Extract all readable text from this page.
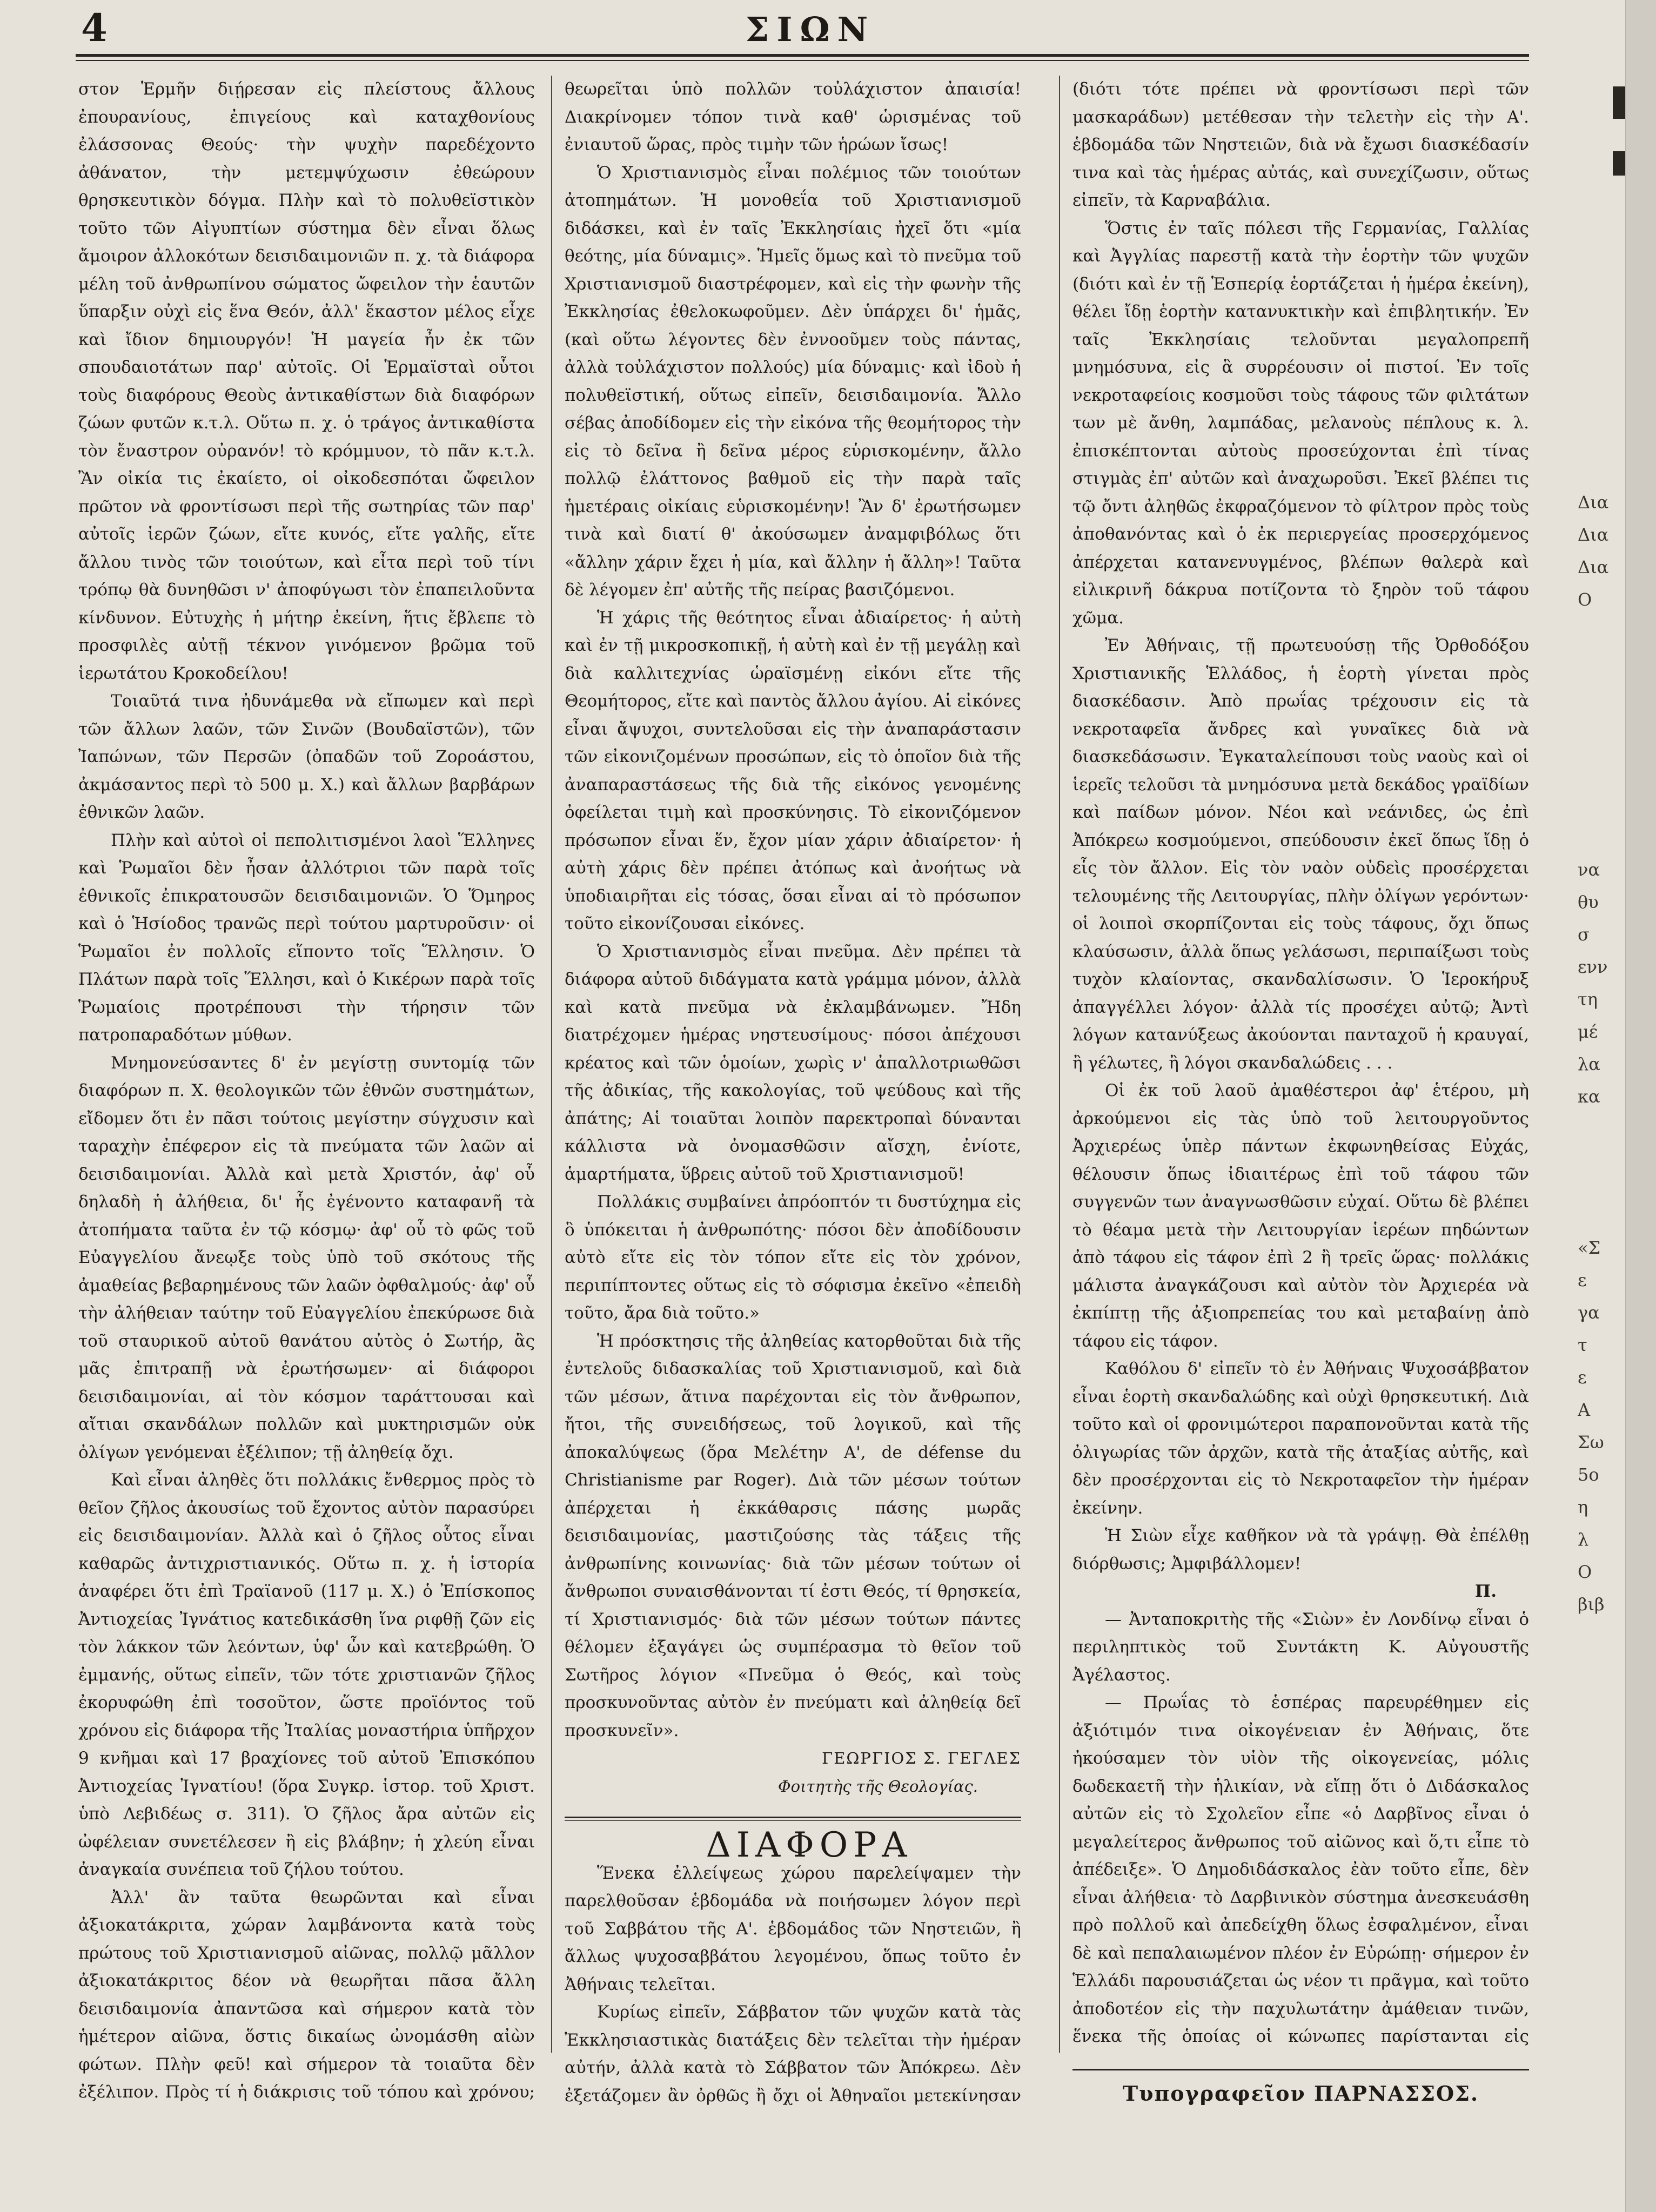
4	ΣΙΩΝ

στον Ἑρμῆν διῄρεσαν εἰς πλείστους ἄλλους ἐπουρανίους, ἐπιγείους καὶ καταχθονίους ἐλάσσονας Θεούς· τὴν ψυχὴν παρεδέχοντο ἀθάνατον, τὴν μετεμψύχωσιν ἐθεώρουν θρησκευτικὸν δόγμα. Πλὴν καὶ τὸ πολυθεϊστικὸν τοῦτο τῶν Αἰγυπτίων σύστημα δὲν εἶναι ὅλως ἄμοιρον ἀλλοκότων δεισιδαιμονιῶν π. χ. τὰ διάφορα μέλη τοῦ ἀνθρωπίνου σώματος ὤφειλον τὴν ἑαυτῶν ὕπαρξιν οὐχὶ εἰς ἕνα Θεόν, ἀλλ' ἕκαστον μέλος εἶχε καὶ ἴδιον δημιουργόν! Ἡ μαγεία ἦν ἐκ τῶν σπουδαιοτάτων παρ' αὐτοῖς. Οἱ Ἑρμαϊσταὶ οὗτοι τοὺς διαφόρους Θεοὺς ἀντικαθίστων διὰ διαφόρων ζώων φυτῶν κ.τ.λ. Οὕτω π. χ. ὁ τράγος ἀντικαθίστα τὸν ἔναστρον οὐρανόν! τὸ κρόμμυον, τὸ πᾶν κ.τ.λ. Ἂν οἰκία τις ἐκαίετο, οἱ οἰκοδεσπόται ὤφειλον πρῶτον νὰ φροντίσωσι περὶ τῆς σωτηρίας τῶν παρ' αὐτοῖς ἱερῶν ζώων, εἴτε κυνός, εἴτε γαλῆς, εἴτε ἄλλου τινὸς τῶν τοιούτων, καὶ εἶτα περὶ τοῦ τίνι τρόπῳ θὰ δυνηθῶσι ν' ἀποφύγωσι τὸν ἐπαπειλοῦντα κίνδυνον. Εὐτυχὴς ἡ μήτηρ ἐκείνη, ἥτις ἔβλεπε τὸ προσφιλὲς αὐτῇ τέκνον γινόμενον βρῶμα τοῦ ἱερωτάτου Κροκοδείλου!

Τοιαῦτά τινα ἠδυνάμεθα νὰ εἴπωμεν καὶ περὶ τῶν ἄλλων λαῶν, τῶν Σινῶν (Βουδαϊστῶν), τῶν Ἰαπώνων, τῶν Περσῶν (ὀπαδῶν τοῦ Ζοροάστου, ἀκμάσαντος περὶ τὸ 500 μ. Χ.) καὶ ἄλλων βαρβάρων ἐθνικῶν λαῶν.

Πλὴν καὶ αὐτοὶ οἱ πεπολιτισμένοι λαοὶ Ἕλληνες καὶ Ῥωμαῖοι δὲν ἦσαν ἀλλότριοι τῶν παρὰ τοῖς ἐθνικοῖς ἐπικρατουσῶν δεισιδαιμονιῶν. Ὁ Ὅμηρος καὶ ὁ Ἡσίοδος τρανῶς περὶ τούτου μαρτυροῦσιν· οἱ Ῥωμαῖοι ἐν πολλοῖς εἵποντο τοῖς Ἕλλησιν. Ὁ Πλάτων παρὰ τοῖς Ἕλλησι, καὶ ὁ Κικέρων παρὰ τοῖς Ῥωμαίοις προτρέπουσι τὴν τήρησιν τῶν πατροπαραδότων μύθων.

Μνημονεύσαντες δ' ἐν μεγίστῃ συντομίᾳ τῶν διαφόρων π. Χ. θεολογικῶν τῶν ἐθνῶν συστημάτων, εἴδομεν ὅτι ἐν πᾶσι τούτοις μεγίστην σύγχυσιν καὶ ταραχὴν ἐπέφερον εἰς τὰ πνεύματα τῶν λαῶν αἱ δεισιδαιμονίαι. Ἀλλὰ καὶ μετὰ Χριστόν, ἀφ' οὗ δηλαδὴ ἡ ἀλήθεια, δι' ἧς ἐγένοντο καταφανῆ τὰ ἀτοπήματα ταῦτα ἐν τῷ κόσμῳ· ἀφ' οὗ τὸ φῶς τοῦ Εὐαγγελίου ἄνεῳξε τοὺς ὑπὸ τοῦ σκότους τῆς ἀμαθείας βεβαρημένους τῶν λαῶν ὀφθαλμούς· ἀφ' οὗ τὴν ἀλήθειαν ταύτην τοῦ Εὐαγγελίου ἐπεκύρωσε διὰ τοῦ σταυρικοῦ αὐτοῦ θανάτου αὐτὸς ὁ Σωτήρ, ἂς μᾶς ἐπιτραπῇ νὰ ἐρωτήσωμεν· αἱ διάφοροι δεισιδαιμονίαι, αἱ τὸν κόσμον ταράττουσαι καὶ αἴτιαι σκανδάλων πολλῶν καὶ μυκτηρισμῶν οὐκ ὀλίγων γενόμεναι ἐξέλιπον; τῇ ἀληθείᾳ ὄχι.

Καὶ εἶναι ἀληθὲς ὅτι πολλάκις ἔνθερμος πρὸς τὸ θεῖον ζῆλος ἀκουσίως τοῦ ἔχοντος αὐτὸν παρασύρει εἰς δεισιδαιμονίαν. Ἀλλὰ καὶ ὁ ζῆλος οὗτος εἶναι καθαρῶς ἀντιχριστιανικός. Οὕτω π. χ. ἡ ἱστορία ἀναφέρει ὅτι ἐπὶ Τραϊανοῦ (117 μ. Χ.) ὁ Ἐπίσκοπος Ἀντιοχείας Ἰγνάτιος κατεδικάσθη ἵνα ριφθῇ ζῶν εἰς τὸν λάκκον τῶν λεόντων, ὑφ' ὧν καὶ κατεβρώθη. Ὁ ἐμμανής, οὕτως εἰπεῖν, τῶν τότε χριστιανῶν ζῆλος ἐκορυφώθη ἐπὶ τοσοῦτον, ὥστε προϊόντος τοῦ χρόνου εἰς διάφορα τῆς Ἰταλίας μοναστήρια ὑπῆρχον 9 κνῆμαι καὶ 17 βραχίονες τοῦ αὐτοῦ Ἐπισκόπου Ἀντιοχείας Ἰγνατίου! (ὅρα Συγκρ. ἱστορ. τοῦ Χριστ. ὑπὸ Λεβιδέως σ. 311). Ὁ ζῆλος ἄρα αὐτῶν εἰς ὠφέλειαν συνετέλεσεν ἢ εἰς βλάβην; ἡ χλεύη εἶναι ἀναγκαία συνέπεια τοῦ ζήλου τούτου.

Ἀλλ' ἂν ταῦτα θεωρῶνται καὶ εἶναι ἀξιοκατάκριτα, χώραν λαμβάνοντα κατὰ τοὺς πρώτους τοῦ Χριστιανισμοῦ αἰῶνας, πολλῷ μᾶλλον ἀξιοκατάκριτος δέον νὰ θεωρῆται πᾶσα ἄλλη δεισιδαιμονία ἀπαντῶσα καὶ σήμερον κατὰ τὸν ἡμέτερον αἰῶνα, ὅστις δικαίως ὠνομάσθη αἰὼν φώτων. Πλὴν φεῦ! καὶ σήμερον τὰ τοιαῦτα δὲν ἐξέλιπον. Πρὸς τί ἡ διάκρισις τοῦ τόπου καὶ χρόνου;

θεωρεῖται ὑπὸ πολλῶν τοὐλάχιστον ἀπαισία! Διακρίνομεν τόπον τινὰ καθ' ὡρισμένας τοῦ ἐνιαυτοῦ ὥρας, πρὸς τιμὴν τῶν ἡρώων ἴσως!

Ὁ Χριστιανισμὸς εἶναι πολέμιος τῶν τοιούτων ἀτοπημάτων. Ἡ μονοθεΐα τοῦ Χριστιανισμοῦ διδάσκει, καὶ ἐν ταῖς Ἐκκλησίαις ἠχεῖ ὅτι «μία θεότης, μία δύναμις». Ἡμεῖς ὅμως καὶ τὸ πνεῦμα τοῦ Χριστιανισμοῦ διαστρέφομεν, καὶ εἰς τὴν φωνὴν τῆς Ἐκκλησίας ἐθελοκωφοῦμεν. Δὲν ὑπάρχει δι' ἡμᾶς, (καὶ οὕτω λέγοντες δὲν ἐννοοῦμεν τοὺς πάντας, ἀλλὰ τοὐλάχιστον πολλούς) μία δύναμις· καὶ ἰδοὺ ἡ πολυθεϊστική, οὕτως εἰπεῖν, δεισιδαιμονία. Ἄλλο σέβας ἀποδίδομεν εἰς τὴν εἰκόνα τῆς θεομήτορος τὴν εἰς τὸ δεῖνα ἢ δεῖνα μέρος εὑρισκομένην, ἄλλο πολλῷ ἐλάττονος βαθμοῦ εἰς τὴν παρὰ ταῖς ἡμετέραις οἰκίαις εὑρισκομένην! Ἂν δ' ἐρωτήσωμεν τινὰ καὶ διατί θ' ἀκούσωμεν ἀναμφιβόλως ὅτι «ἄλλην χάριν ἔχει ἡ μία, καὶ ἄλλην ἡ ἄλλη»! Ταῦτα δὲ λέγομεν ἐπ' αὐτῆς τῆς πείρας βασιζόμενοι.

Ἡ χάρις τῆς θεότητος εἶναι ἀδιαίρετος· ἡ αὐτὴ καὶ ἐν τῇ μικροσκοπικῇ, ἡ αὐτὴ καὶ ἐν τῇ μεγάλῃ καὶ διὰ καλλιτεχνίας ὡραϊσμένῃ εἰκόνι εἴτε τῆς Θεομήτορος, εἴτε καὶ παντὸς ἄλλου ἁγίου. Αἱ εἰκόνες εἶναι ἄψυχοι, συντελοῦσαι εἰς τὴν ἀναπαράστασιν τῶν εἰκονιζομένων προσώπων, εἰς τὸ ὁποῖον διὰ τῆς ἀναπαραστάσεως τῆς διὰ τῆς εἰκόνος γενομένης ὀφείλεται τιμὴ καὶ προσκύνησις. Τὸ εἰκονιζόμενον πρόσωπον εἶναι ἕν, ἔχον μίαν χάριν ἀδιαίρετον· ἡ αὐτὴ χάρις δὲν πρέπει ἀτόπως καὶ ἀνοήτως νὰ ὑποδιαιρῆται εἰς τόσας, ὅσαι εἶναι αἱ τὸ πρόσωπον τοῦτο εἰκονίζουσαι εἰκόνες.

Ὁ Χριστιανισμὸς εἶναι πνεῦμα. Δὲν πρέπει τὰ διάφορα αὐτοῦ διδάγματα κατὰ γράμμα μόνον, ἀλλὰ καὶ κατὰ πνεῦμα νὰ ἐκλαμβάνωμεν. Ἤδη διατρέχομεν ἡμέρας νηστευσίμους· πόσοι ἀπέχουσι κρέατος καὶ τῶν ὁμοίων, χωρὶς ν' ἀπαλλοτριωθῶσι τῆς ἀδικίας, τῆς κακολογίας, τοῦ ψεύδους καὶ τῆς ἀπάτης; Αἱ τοιαῦται λοιπὸν παρεκτροπαὶ δύνανται κάλλιστα νὰ ὀνομασθῶσιν αἴσχη, ἐνίοτε, ἁμαρτήματα, ὕβρεις αὐτοῦ τοῦ Χριστιανισμοῦ!

Πολλάκις συμβαίνει ἀπρόοπτόν τι δυστύχημα εἰς ὃ ὑπόκειται ἡ ἀνθρωπότης· πόσοι δὲν ἀποδίδουσιν αὐτὸ εἴτε εἰς τὸν τόπον εἴτε εἰς τὸν χρόνον, περιπίπτοντες οὕτως εἰς τὸ σόφισμα ἐκεῖνο «ἐπειδὴ τοῦτο, ἄρα διὰ τοῦτο.»

Ἡ πρόσκτησις τῆς ἀληθείας κατορθοῦται διὰ τῆς ἐντελοῦς διδασκαλίας τοῦ Χριστιανισμοῦ, καὶ διὰ τῶν μέσων, ἅτινα παρέχονται εἰς τὸν ἄνθρωπον, ἤτοι, τῆς συνειδήσεως, τοῦ λογικοῦ, καὶ τῆς ἀποκαλύψεως (ὅρα Μελέτην Α', de défense du Christianisme par Roger). Διὰ τῶν μέσων τούτων ἀπέρχεται ἡ ἐκκάθαρσις πάσης μωρᾶς δεισιδαιμονίας, μαστιζούσης τὰς τάξεις τῆς ἀνθρωπίνης κοινωνίας· διὰ τῶν μέσων τούτων οἱ ἄνθρωποι συναισθάνονται τί ἐστι Θεός, τί θρησκεία, τί Χριστιανισμός· διὰ τῶν μέσων τούτων πάντες θέλομεν ἐξαγάγει ὡς συμπέρασμα τὸ θεῖον τοῦ Σωτῆρος λόγιον «Πνεῦμα ὁ Θεός, καὶ τοὺς προσκυνοῦντας αὐτὸν ἐν πνεύματι καὶ ἀληθείᾳ δεῖ προσκυνεῖν».

ΓΕΩΡΓΙΟΣ Σ. ΓΕΓΛΕΣ

Φοιτητὴς τῆς Θεολογίας.

ΔΙΑΦΟΡΑ

Ἕνεκα ἐλλείψεως χώρου παρελείψαμεν τὴν παρελθοῦσαν ἑβδομάδα νὰ ποιήσωμεν λόγον περὶ τοῦ Σαββάτου τῆς Α'. ἑβδομάδος τῶν Νηστειῶν, ἢ ἄλλως ψυχοσαββάτου λεγομένου, ὅπως τοῦτο ἐν Ἀθήναις τελεῖται.

Κυρίως εἰπεῖν, Σάββατον τῶν ψυχῶν κατὰ τὰς Ἐκκλησιαστικὰς διατάξεις δὲν τελεῖται τὴν ἡμέραν αὐτήν, ἀλλὰ κατὰ τὸ Σάββατον τῶν Ἀπόκρεω. Δὲν ἐξετάζομεν ἂν ὀρθῶς ἢ ὄχι οἱ Ἀθηναῖοι μετεκίνησαν

(διότι τότε πρέπει νὰ φροντίσωσι περὶ τῶν μασκαράδων) μετέθεσαν τὴν τελετὴν εἰς τὴν Α'. ἑβδομάδα τῶν Νηστειῶν, διὰ νὰ ἔχωσι διασκέδασίν τινα καὶ τὰς ἡμέρας αὐτάς, καὶ συνεχίζωσιν, οὕτως εἰπεῖν, τὰ Καρναβάλια.

Ὅστις ἐν ταῖς πόλεσι τῆς Γερμανίας, Γαλλίας καὶ Ἀγγλίας παρεστῇ κατὰ τὴν ἑορτὴν τῶν ψυχῶν (διότι καὶ ἐν τῇ Ἑσπερίᾳ ἑορτάζεται ἡ ἡμέρα ἐκείνη), θέλει ἴδῃ ἑορτὴν κατανυκτικὴν καὶ ἐπιβλητικήν. Ἐν ταῖς Ἐκκλησίαις τελοῦνται μεγαλοπρεπῆ μνημόσυνα, εἰς ἃ συρρέουσιν οἱ πιστοί. Ἐν τοῖς νεκροταφείοις κοσμοῦσι τοὺς τάφους τῶν φιλτάτων των μὲ ἄνθη, λαμπάδας, μελανοὺς πέπλους κ. λ. ἐπισκέπτονται αὐτοὺς προσεύχονται ἐπὶ τίνας στιγμὰς ἐπ' αὐτῶν καὶ ἀναχωροῦσι. Ἐκεῖ βλέπει τις τῷ ὄντι ἀληθῶς ἐκφραζόμενον τὸ φίλτρον πρὸς τοὺς ἀποθανόντας καὶ ὁ ἐκ περιεργείας προσερχόμενος ἀπέρχεται κατανενυγμένος, βλέπων θαλερὰ καὶ εἰλικρινῆ δάκρυα ποτίζοντα τὸ ξηρὸν τοῦ τάφου χῶμα.

Ἐν Ἀθήναις, τῇ πρωτευούσῃ τῆς Ὀρθοδόξου Χριστιανικῆς Ἑλλάδος, ἡ ἑορτὴ γίνεται πρὸς διασκέδασιν. Ἀπὸ πρωΐας τρέχουσιν εἰς τὰ νεκροταφεῖα ἄνδρες καὶ γυναῖκες διὰ νὰ διασκεδάσωσιν. Ἐγκαταλείπουσι τοὺς ναοὺς καὶ οἱ ἱερεῖς τελοῦσι τὰ μνημόσυνα μετὰ δεκάδος γραϊδίων καὶ παίδων μόνον. Νέοι καὶ νεάνιδες, ὡς ἐπὶ Ἀπόκρεω κοσμούμενοι, σπεύδουσιν ἐκεῖ ὅπως ἴδῃ ὁ εἷς τὸν ἄλλον. Εἰς τὸν ναὸν οὐδεὶς προσέρχεται τελουμένης τῆς Λειτουργίας, πλὴν ὀλίγων γερόντων· οἱ λοιποὶ σκορπίζονται εἰς τοὺς τάφους, ὄχι ὅπως κλαύσωσιν, ἀλλὰ ὅπως γελάσωσι, περιπαίξωσι τοὺς τυχὸν κλαίοντας, σκανδαλίσωσιν. Ὁ Ἱεροκήρυξ ἀπαγγέλλει λόγον· ἀλλὰ τίς προσέχει αὐτῷ; Ἀντὶ λόγων κατανύξεως ἀκούονται πανταχοῦ ἡ κραυγαί, ἢ γέλωτες, ἢ λόγοι σκανδαλώδεις . . .

Οἱ ἐκ τοῦ λαοῦ ἀμαθέστεροι ἀφ' ἑτέρου, μὴ ἀρκούμενοι εἰς τὰς ὑπὸ τοῦ λειτουργοῦντος Ἀρχιερέως ὑπὲρ πάντων ἐκφωνηθείσας Εὐχάς, θέλουσιν ὅπως ἰδιαιτέρως ἐπὶ τοῦ τάφου τῶν συγγενῶν των ἀναγνωσθῶσιν εὐχαί. Οὕτω δὲ βλέπει τὸ θέαμα μετὰ τὴν Λειτουργίαν ἱερέων πηδώντων ἀπὸ τάφου εἰς τάφον ἐπὶ 2 ἢ τρεῖς ὥρας· πολλάκις μάλιστα ἀναγκάζουσι καὶ αὐτὸν τὸν Ἀρχιερέα νὰ ἐκπίπτῃ τῆς ἀξιοπρεπείας του καὶ μεταβαίνῃ ἀπὸ τάφου εἰς τάφον.

Καθόλου δ' εἰπεῖν τὸ ἐν Ἀθήναις Ψυχοσάββατον εἶναι ἑορτὴ σκανδαλώδης καὶ οὐχὶ θρησκευτική. Διὰ τοῦτο καὶ οἱ φρονιμώτεροι παραπονοῦνται κατὰ τῆς ὀλιγωρίας τῶν ἀρχῶν, κατὰ τῆς ἀταξίας αὐτῆς, καὶ δὲν προσέρχονται εἰς τὸ Νεκροταφεῖον τὴν ἡμέραν ἐκείνην.

Ἡ Σιὼν εἶχε καθῆκον νὰ τὰ γράψῃ. Θὰ ἐπέλθῃ διόρθωσις; Ἀμφιβάλλομεν!

Π.

— Ἀνταποκριτὴς τῆς «Σιὼν» ἐν Λονδίνῳ εἶναι ὁ περιληπτικὸς τοῦ Συντάκτη Κ. Αὐγουστῆς Ἀγέλαστος.

— Πρωΐας τὸ ἑσπέρας παρευρέθημεν εἰς ἀξιότιμόν τινα οἰκογένειαν ἐν Ἀθήναις, ὅτε ἠκούσαμεν τὸν υἱὸν τῆς οἰκογενείας, μόλις δωδεκαετῆ τὴν ἡλικίαν, νὰ εἴπῃ ὅτι ὁ Διδάσκαλος αὐτῶν εἰς τὸ Σχολεῖον εἶπε «ὁ Δαρβῖνος εἶναι ὁ μεγαλείτερος ἄνθρωπος τοῦ αἰῶνος καὶ ὅ,τι εἶπε τὸ ἀπέδειξε». Ὁ Δημοδιδάσκαλος ἐὰν τοῦτο εἶπε, δὲν εἶναι ἀλήθεια· τὸ Δαρβινικὸν σύστημα ἀνεσκευάσθη πρὸ πολλοῦ καὶ ἀπεδείχθη ὅλως ἐσφαλμένον, εἶναι δὲ καὶ πεπαλαιωμένον πλέον ἐν Εὐρώπῃ· σήμερον ἐν Ἑλλάδι παρουσιάζεται ὡς νέον τι πρᾶγμα, καὶ τοῦτο ἀποδοτέον εἰς τὴν παχυλωτάτην ἀμάθειαν τινῶν, ἕνεκα τῆς ὁποίας οἱ κώνωπες παρίστανται εἰς

Τυπογραφεῖον ΠΑΡΝΑΣΣΟΣ.
Δια
Δια
Δια
Ο
να
θυ
σ
ενν
τη
μέ
λα
κα
«Σ
ε
γα
τ
ε
Α
Σω
5ο
η
λ
Ο
βιβ
